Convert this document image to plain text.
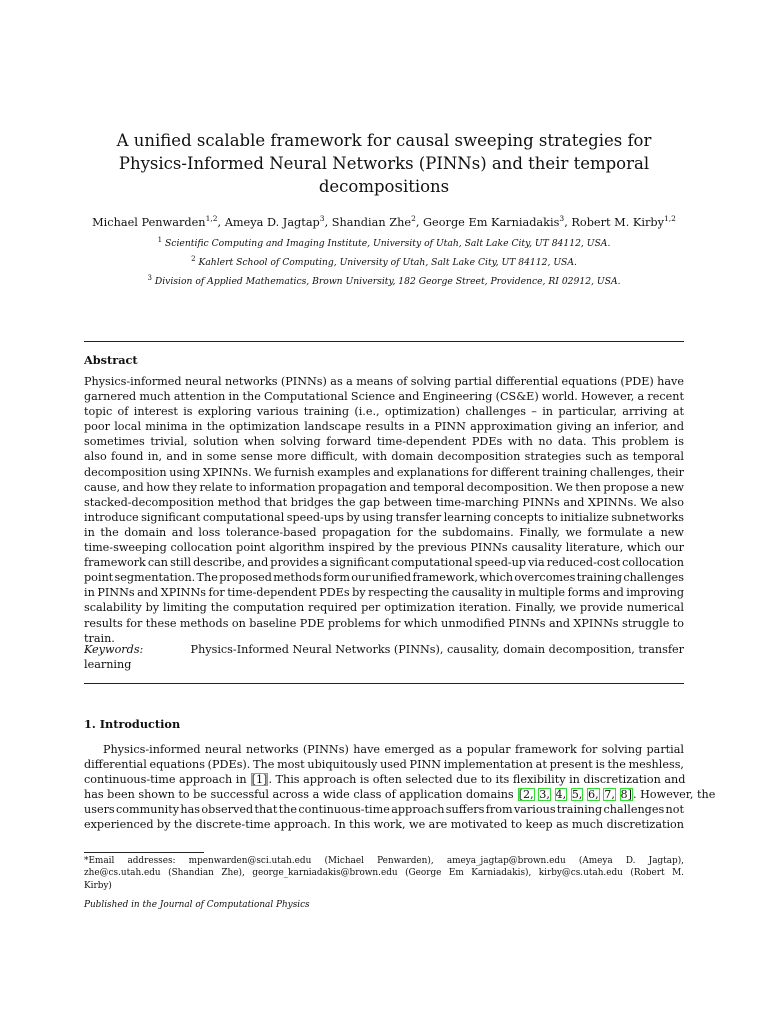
A unified scalable framework for causal sweeping strategies for
Physics-Informed Neural Networks (PINNs) and their temporal
decompositions
Michael Penwarden$^{1,2}$, Ameya D. Jagtap$^3$, Shandian Zhe$^2$, George Em Karniadakis$^3$, Robert M. Kirby$^{1,2}$
$^1$ Scientific Computing and Imaging Institute, University of Utah, Salt Lake City, UT 84112, USA.
$^2$ Kahlert School of Computing, University of Utah, Salt Lake City, UT 84112, USA.
$^3$ Division of Applied Mathematics, Brown University, 182 George Street, Providence, RI 02912, USA.
Abstract
Physics-informed neural networks (PINNs) as a means of solving partial differential equations (PDE) have
garnered much attention in the Computational Science and Engineering (CS&E) world. However, a recent
topic of interest is exploring various training (i.e., optimization) challenges – in particular, arriving at
poor local minima in the optimization landscape results in a PINN approximation giving an inferior, and
sometimes trivial, solution when solving forward time-dependent PDEs with no data. This problem is
also found in, and in some sense more difficult, with domain decomposition strategies such as temporal
decomposition using XPINNs. We furnish examples and explanations for different training challenges, their
cause, and how they relate to information propagation and temporal decomposition. We then propose a new
stacked-decomposition method that bridges the gap between time-marching PINNs and XPINNs. We also
introduce significant computational speed-ups by using transfer learning concepts to initialize subnetworks
in the domain and loss tolerance-based propagation for the subdomains. Finally, we formulate a new
time-sweeping collocation point algorithm inspired by the previous PINNs causality literature, which our
framework can still describe, and provides a significant computational speed-up via reduced-cost collocation
point segmentation. The proposed methods form our unified framework, which overcomes training challenges
in PINNs and XPINNs for time-dependent PDEs by respecting the causality in multiple forms and improving
scalability by limiting the computation required per optimization iteration. Finally, we provide numerical
results for these methods on baseline PDE problems for which unmodified PINNs and XPINNs struggle to
train.
Keywords:	Physics-Informed Neural Networks (PINNs), causality, domain decomposition, transfer
learning
1. Introduction
Physics-informed neural networks (PINNs) have emerged as a popular framework for solving partial
differential equations (PDEs). The most ubiquitously used PINN implementation at present is the meshless,
continuous-time approach in [1]. This approach is often selected due to its flexibility in discretization and
has been shown to be successful across a wide class of application domains [2, 3, 4, 5, 6, 7, 8]. However, the
users community has observed that the continuous-time approach suffers from various training challenges not
experienced by the discrete-time approach. In this work, we are motivated to keep as much discretization
*Email addresses: mpenwarden@sci.utah.edu (Michael Penwarden), ameya_jagtap@brown.edu (Ameya D. Jagtap),
zhe@cs.utah.edu (Shandian Zhe), george_karniadakis@brown.edu (George Em Karniadakis), kirby@cs.utah.edu (Robert M.
Kirby)
Published in the Journal of Computational Physics
